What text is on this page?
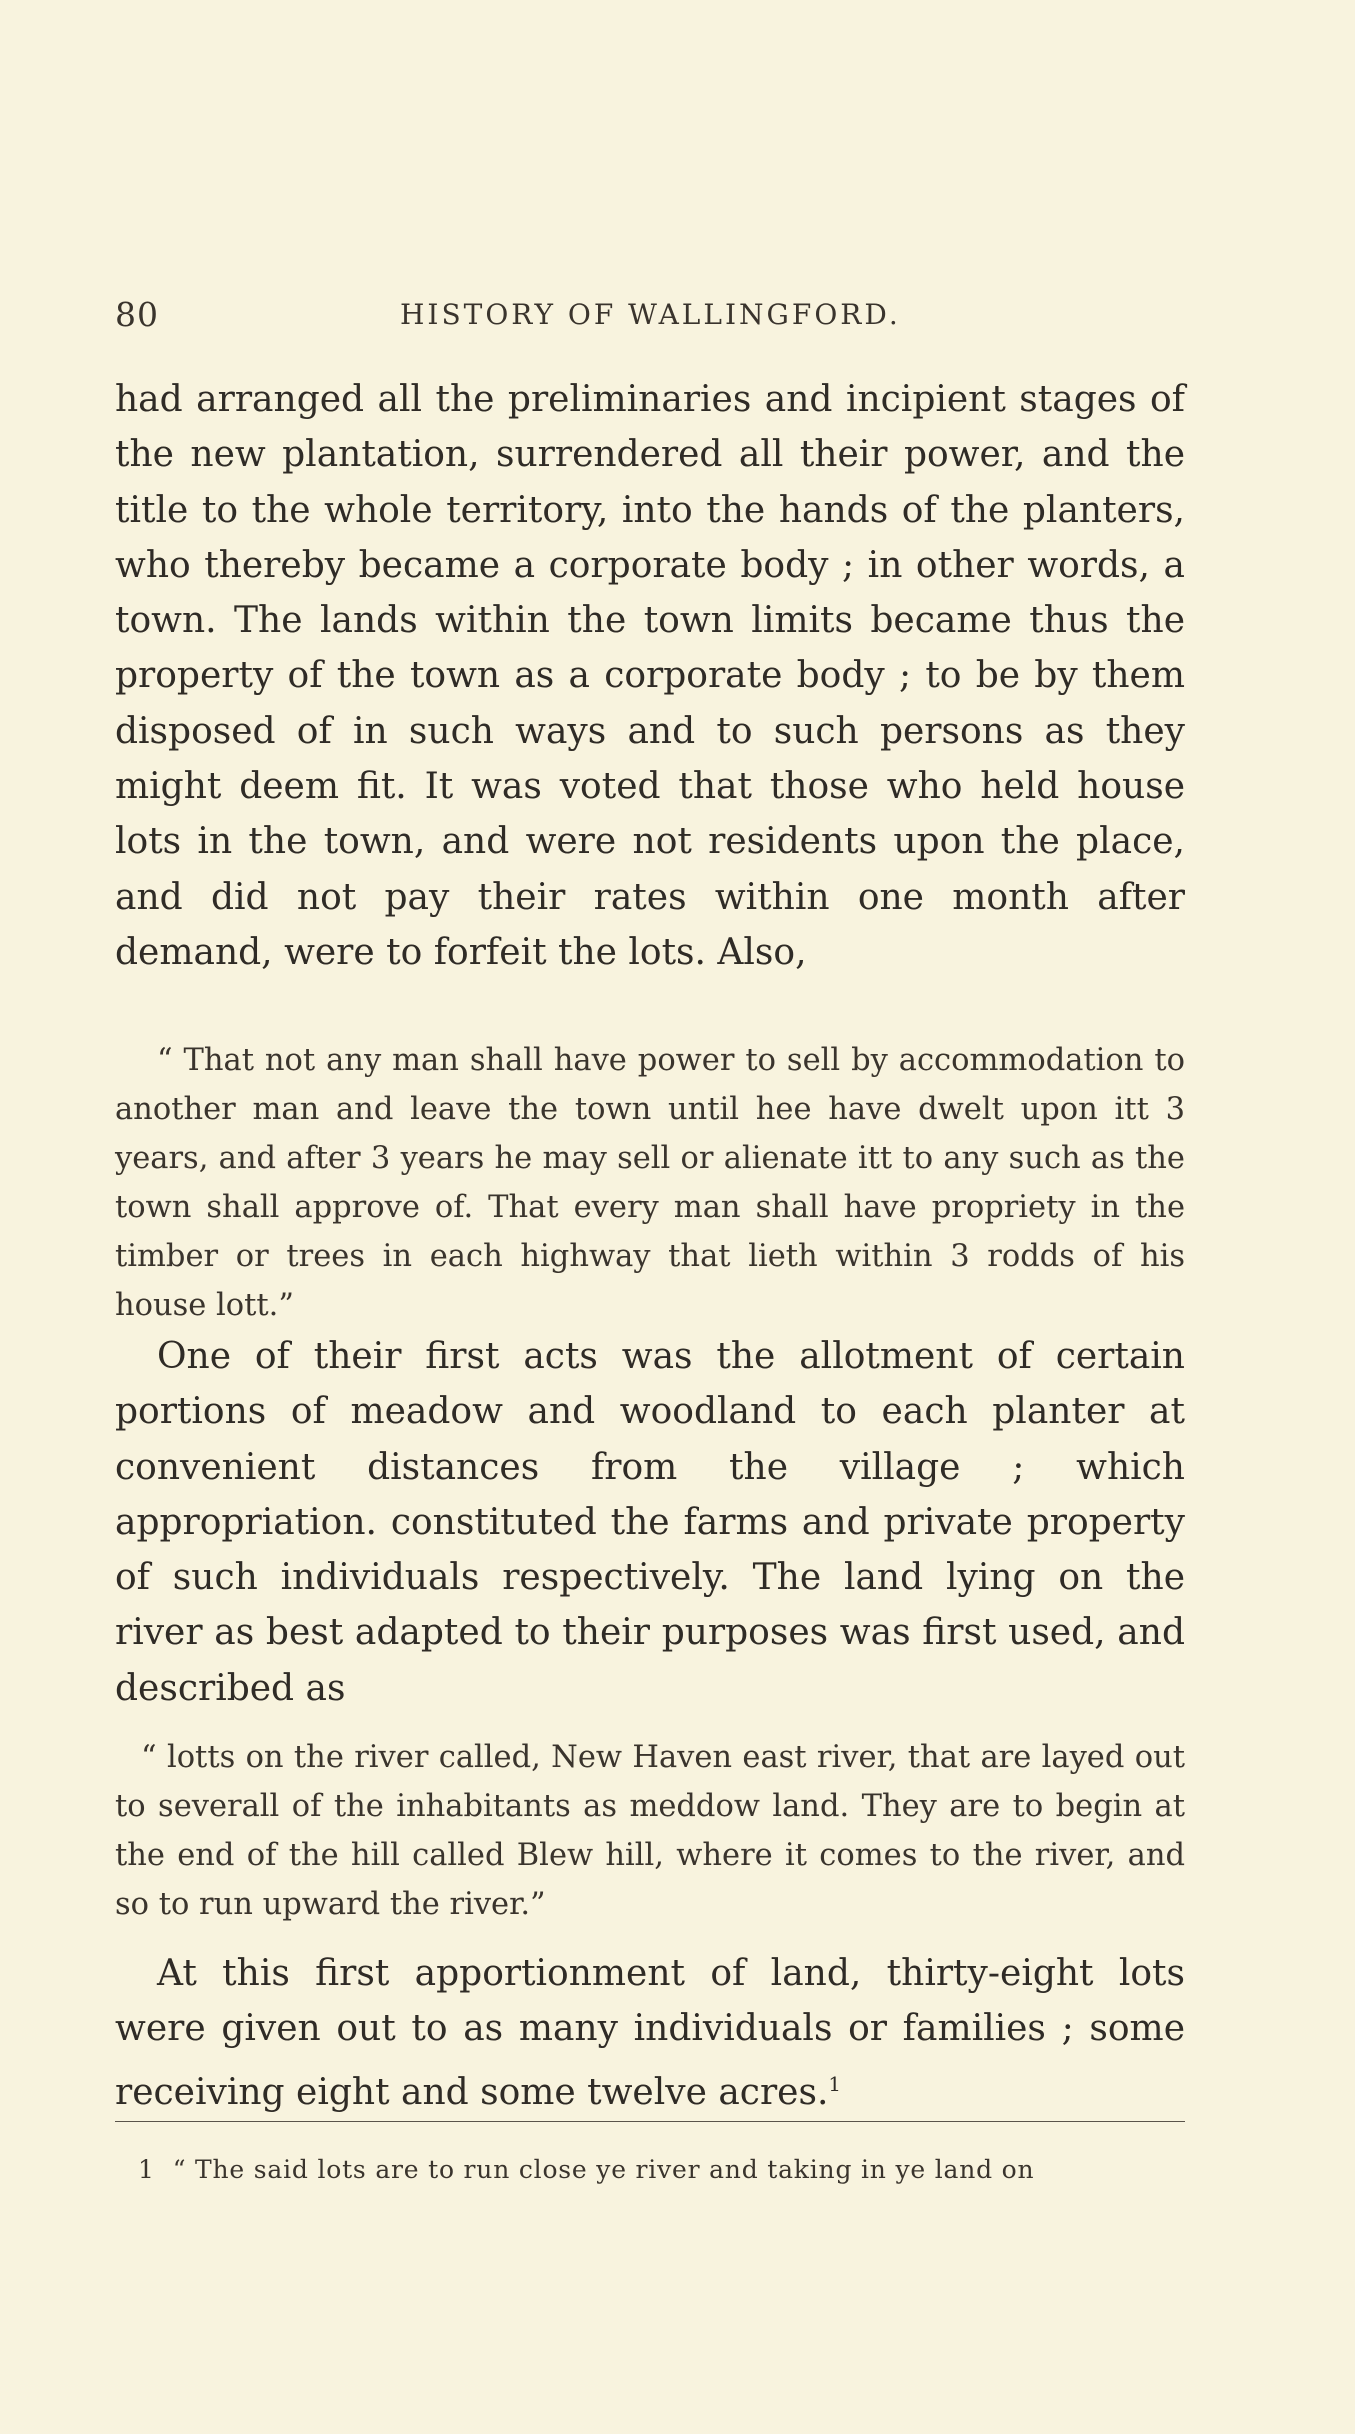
80	HISTORY OF WALLINGFORD.

had arranged all the preliminaries and incipient stages of the new plantation, surrendered all their power, and the title to the whole territory, into the hands of the planters, who thereby became a corporate body ; in other words, a town. The lands within the town limits became thus the property of the town as a corporate body ; to be by them disposed of in such ways and to such persons as they might deem fit. It was voted that those who held house lots in the town, and were not residents upon the place, and did not pay their rates within one month after demand, were to forfeit the lots. Also,

“ That not any man shall have power to sell by accommodation to another man and leave the town until hee have dwelt upon itt 3 years, and after 3 years he may sell or alienate itt to any such as the town shall approve of. That every man shall have propriety in the timber or trees in each highway that lieth within 3 rodds of his house lott.”

One of their first acts was the allotment of certain portions of meadow and woodland to each planter at convenient distances from the village ; which appropriation. constituted the farms and private property of such individuals respectively. The land lying on the river as best adapted to their purposes was first used, and described as

“ lotts on the river called, New Haven east river, that are layed out to severall of the inhabitants as meddow land. They are to begin at the end of the hill called Blew hill, where it comes to the river, and so to run upward the river.”

At this first apportionment of land, thirty-eight lots were given out to as many individuals or families ; some receiving eight and some twelve acres.$^1$

1 “ The said lots are to run close ye river and taking in ye land on
